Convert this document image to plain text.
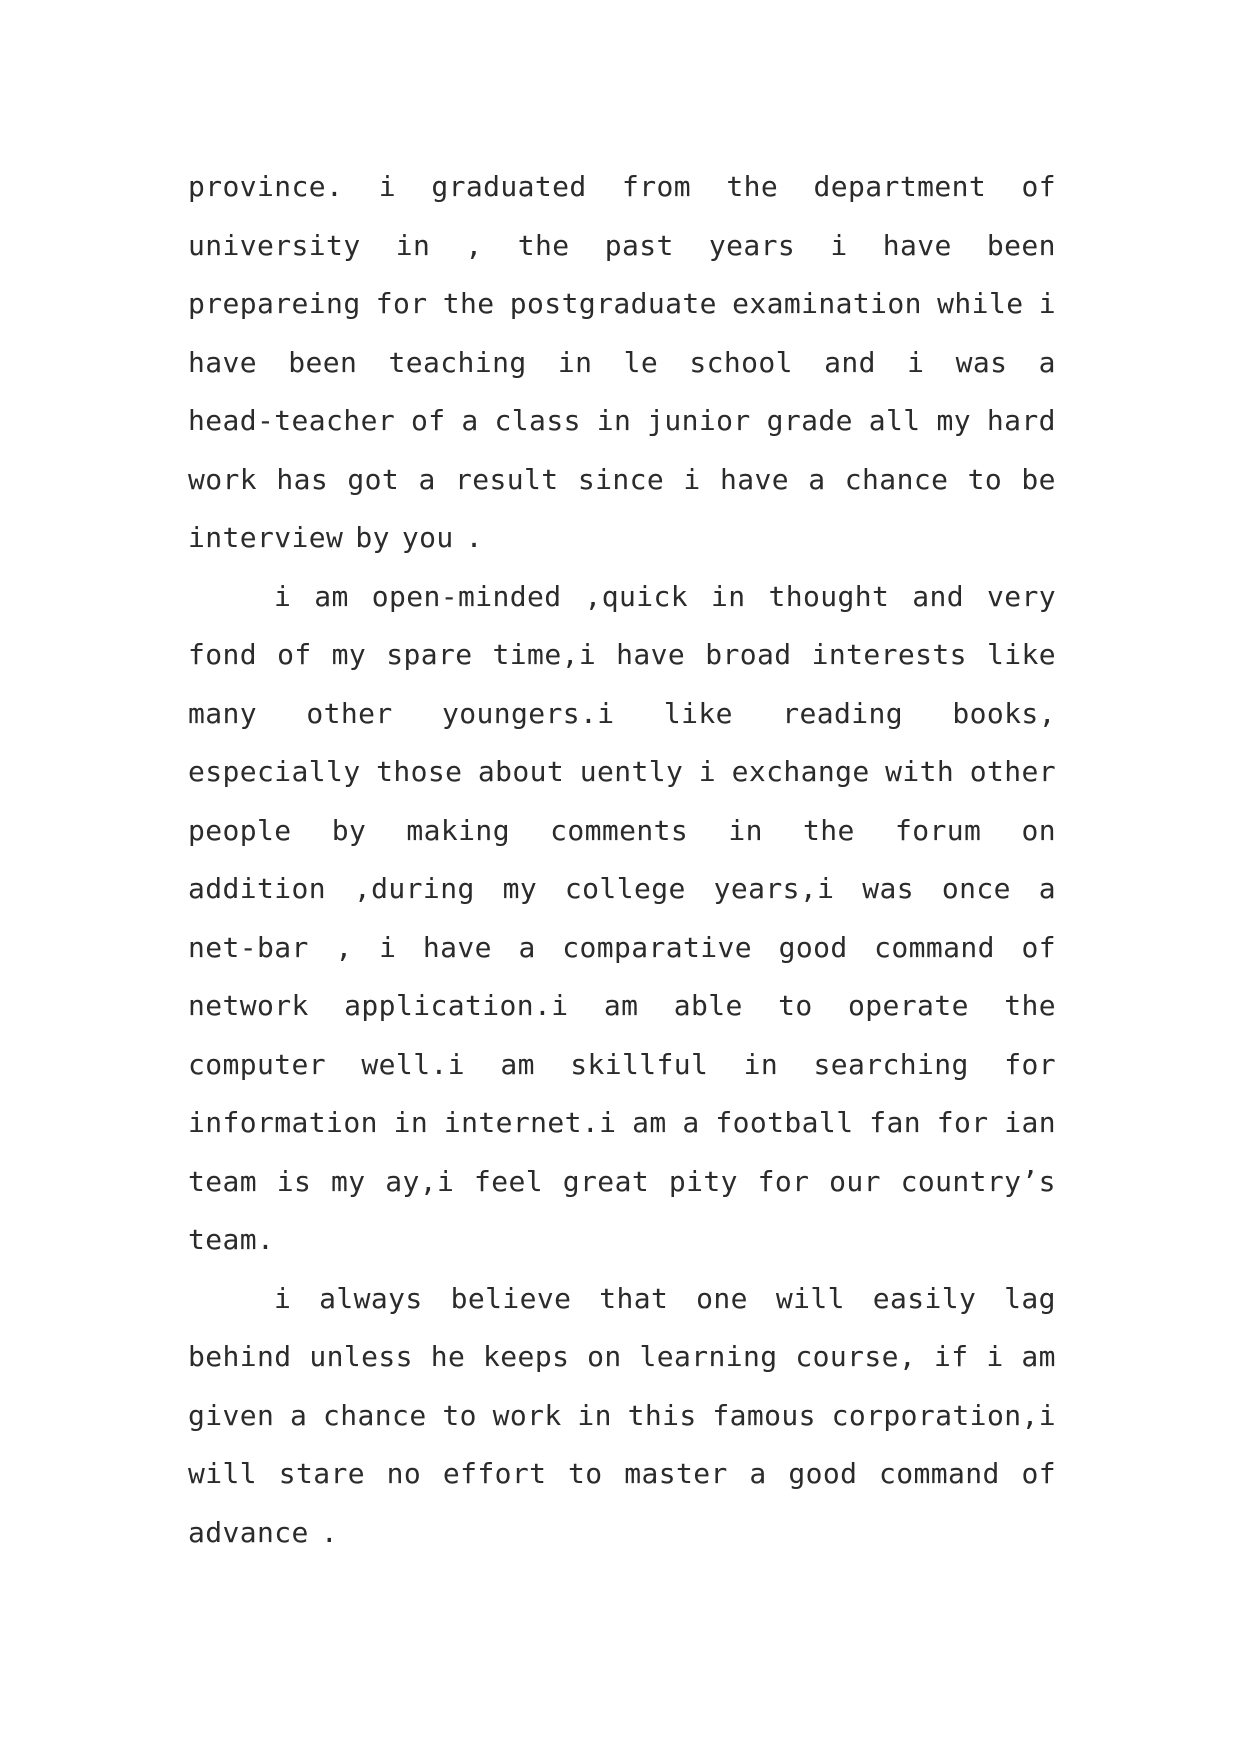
province. i graduated from the department of
university in , the past years i have been
prepareing for the postgraduate examination while i
have been teaching in le school and i was a
head-teacher of a class in junior grade all my hard
work has got a result since i have a chance to be
interview by you .
i am open-minded ,quick in thought and very
fond of my spare time,i have broad interests like
many other youngers.i like reading books,
especially those about uently i exchange with other
people by making comments in the forum on
addition ,during my college years,i was once a
net-bar , i have a comparative good command of
network application.i am able to operate the
computer well.i am skillful in searching for
information in internet.i am a football fan for ian
team is my ay,i feel great pity for our country’s
team.
i always believe that one will easily lag
behind unless he keeps on learning course, if i am
given a chance to work in this famous corporation,i
will stare no effort to master a good command of
advance .
